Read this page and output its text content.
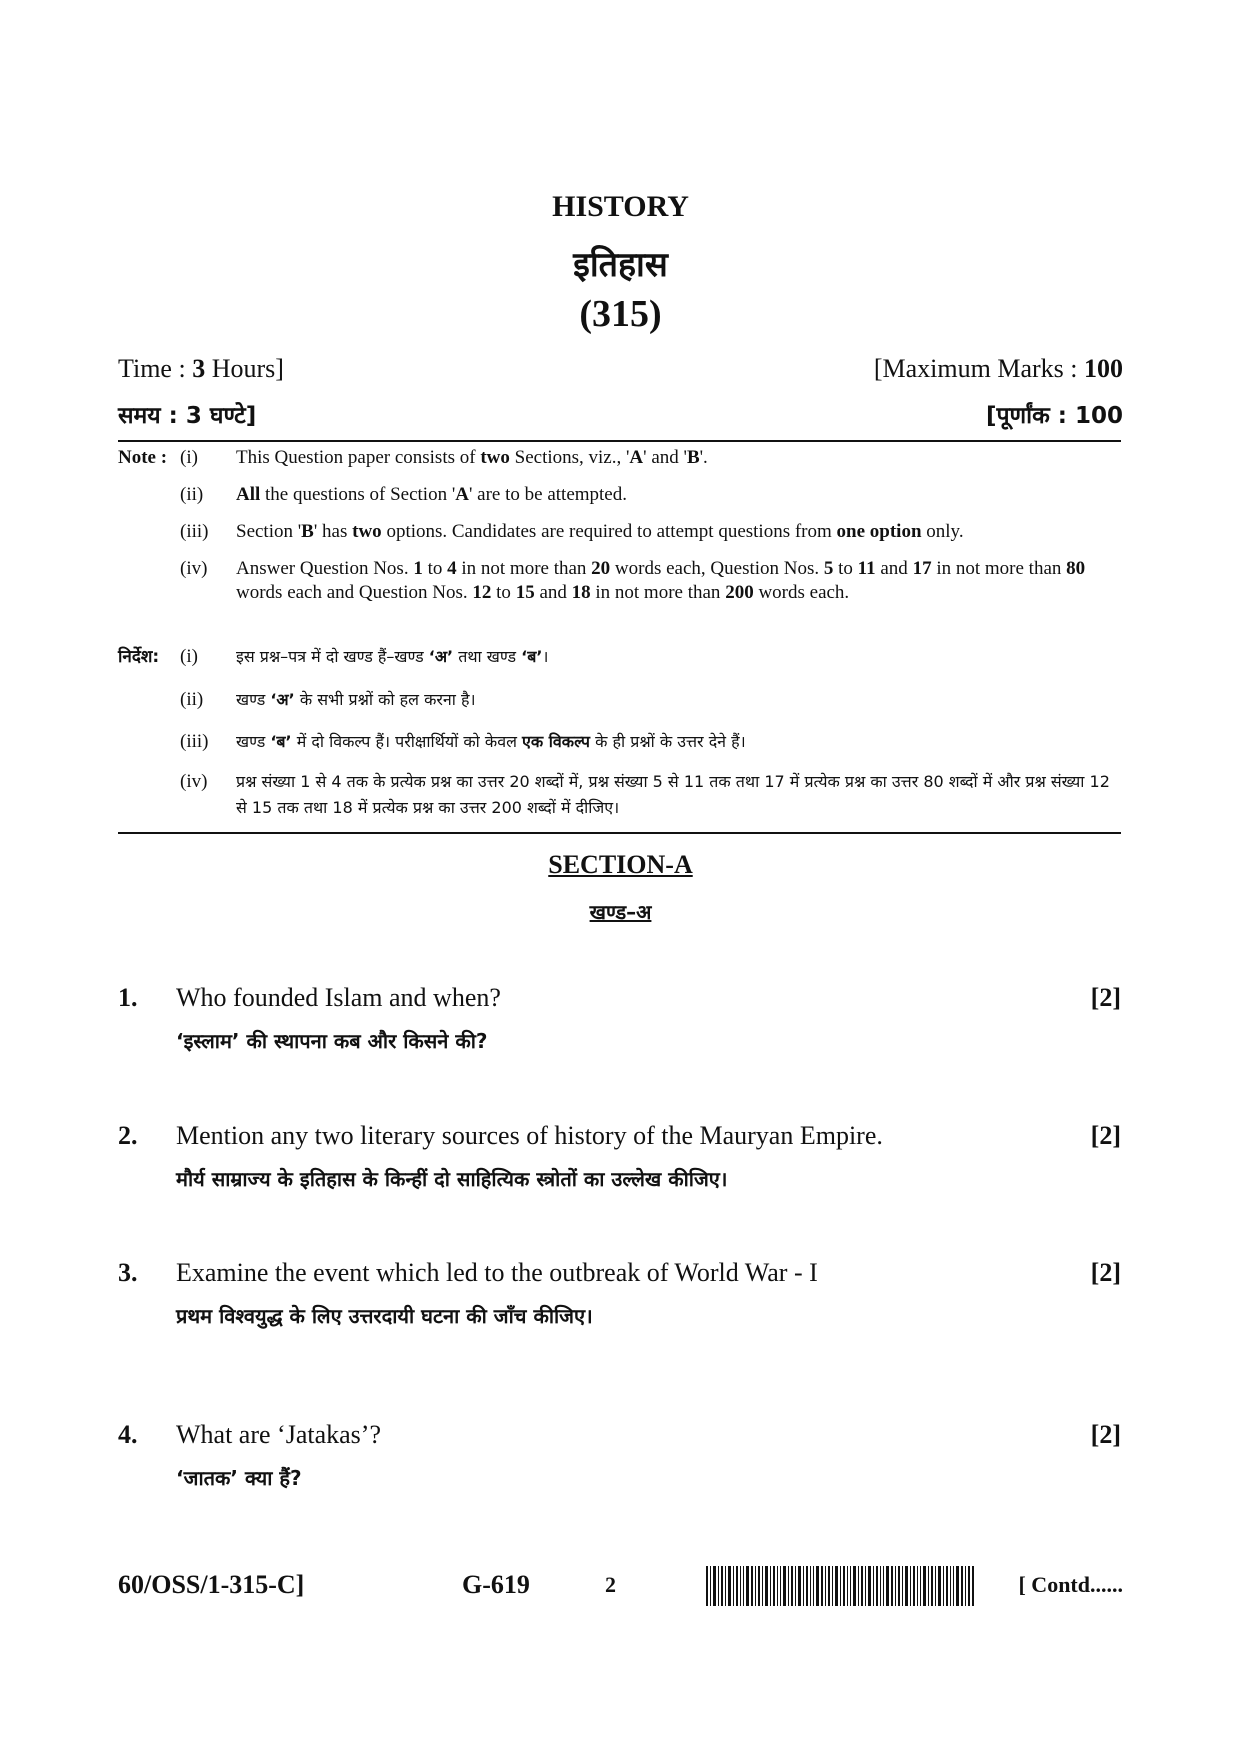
HISTORY
इतिहास
(315)
Time : 3 Hours]	[Maximum Marks : 100
समय : 3 घण्टे]	[पूर्णांक : 100
Note : (i)	This Question paper consists of two Sections, viz., 'A' and 'B'.
(ii)	All the questions of Section 'A' are to be attempted.
(iii)	Section 'B' has two options. Candidates are required to attempt questions from one option only.
(iv)	Answer Question Nos. 1 to 4 in not more than 20 words each, Question Nos. 5 to 11 and 17 in not more than 80 words each and Question Nos. 12 to 15 and 18 in not more than 200 words each.
निर्देश:	(i)	इस प्रश्न–पत्र में दो खण्ड हैं–खण्ड ‘अ’ तथा खण्ड ‘ब’।
(ii)	खण्ड ‘अ’ के सभी प्रश्नों को हल करना है।
(iii)	खण्ड ‘ब’ में दो विकल्प हैं। परीक्षार्थियों को केवल एक विकल्प के ही प्रश्नों के उत्तर देने हैं।
(iv)	प्रश्न संख्या 1 से 4 तक के प्रत्येक प्रश्न का उत्तर 20 शब्दों में, प्रश्न संख्या 5 से 11 तक तथा 17 में प्रत्येक प्रश्न का उत्तर 80 शब्दों में और प्रश्न संख्या 12 से 15 तक तथा 18 में प्रत्येक प्रश्न का उत्तर 200 शब्दों में दीजिए।
SECTION-A
खण्ड–अ
1. Who founded Islam and when?	[2]
‘इस्लाम’ की स्थापना कब और किसने की?
2. Mention any two literary sources of history of the Mauryan Empire.	[2]
मौर्य साम्राज्य के इतिहास के किन्हीं दो साहित्यिक स्त्रोतों का उल्लेख कीजिए।
3. Examine the event which led to the outbreak of World War - I	[2]
प्रथम विश्वयुद्ध के लिए उत्तरदायी घटना की जाँच कीजिए।
4. What are ‘Jatakas’?	[2]
‘जातक’ क्या हैं?
60/OSS/1-315-C]	G-619	2	[ Contd......
